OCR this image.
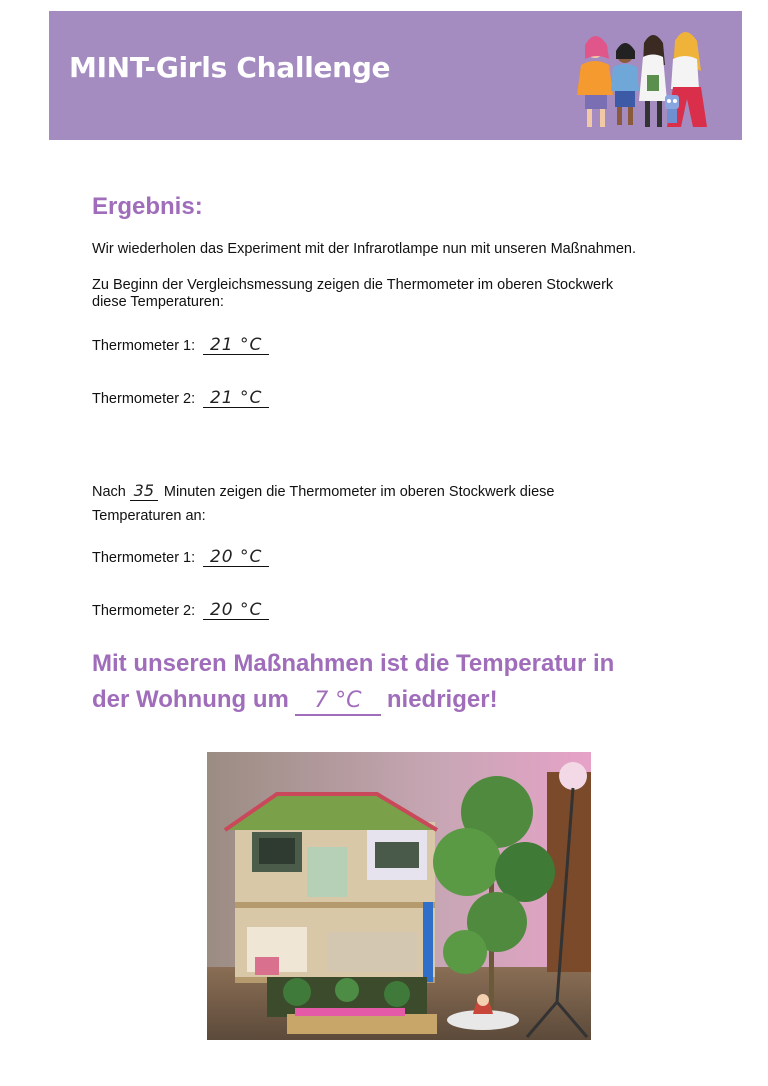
MINT-Girls Challenge
Ergebnis:
Wir wiederholen das Experiment mit der Infrarotlampe nun mit unseren Maßnahmen.
Zu Beginn der Vergleichsmessung zeigen die Thermometer im oberen Stockwerk
diese Temperaturen:
Thermometer 1: 21 °C
Thermometer 2: 21 °C
Nach 35 Minuten zeigen die Thermometer im oberen Stockwerk diese
Temperaturen an:
Thermometer 1: 20 °C
Thermometer 2: 20 °C
Mit unseren Maßnahmen ist die Temperatur in
der Wohnung um 7 °C niedriger!
